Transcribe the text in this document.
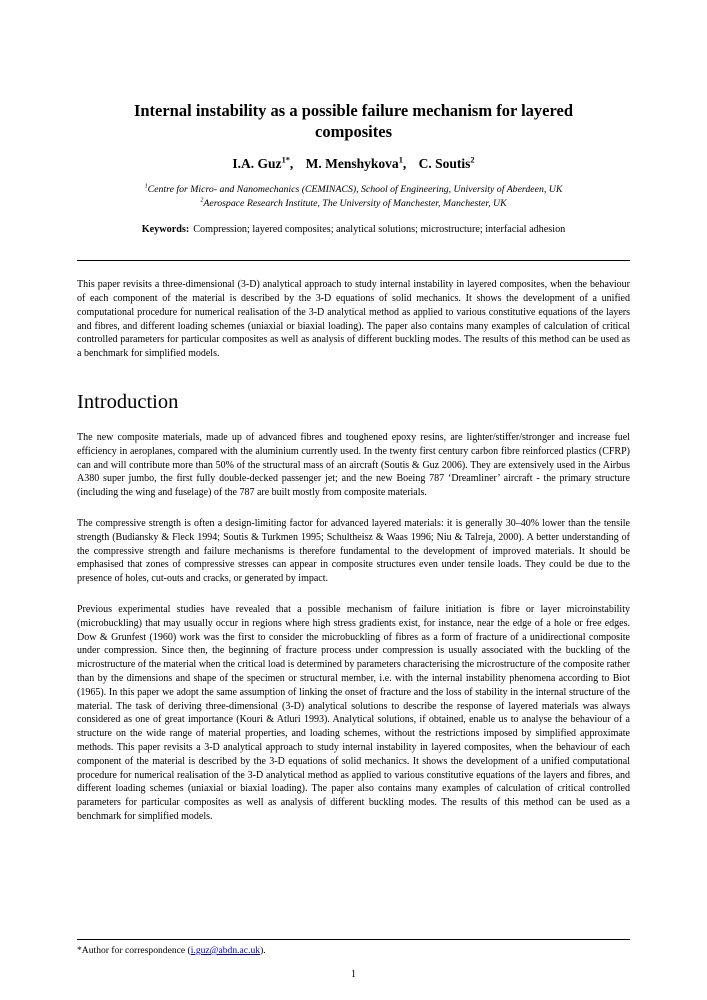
Internal instability as a possible failure mechanism for layered composites
I.A. Guz$^{1*}$, M. Menshykova$^1$, C. Soutis$^2$
$^1$Centre for Micro- and Nanomechanics (CEMINACS), School of Engineering, University of Aberdeen, UK
$^2$Aerospace Research Institute, The University of Manchester, Manchester, UK
Keywords: Compression; layered composites; analytical solutions; microstructure; interfacial adhesion

This paper revisits a three-dimensional (3-D) analytical approach to study internal instability in layered composites, when the behaviour of each component of the material is described by the 3-D equations of solid mechanics. It shows the development of a unified computational procedure for numerical realisation of the 3-D analytical method as applied to various constitutive equations of the layers and fibres, and different loading schemes (uniaxial or biaxial loading). The paper also contains many examples of calculation of critical controlled parameters for particular composites as well as analysis of different buckling modes. The results of this method can be used as a benchmark for simplified models.

Introduction

The new composite materials, made up of advanced fibres and toughened epoxy resins, are lighter/stiffer/stronger and increase fuel efficiency in aeroplanes, compared with the aluminium currently used. In the twenty first century carbon fibre reinforced plastics (CFRP) can and will contribute more than 50% of the structural mass of an aircraft (Soutis & Guz 2006). They are extensively used in the Airbus A380 super jumbo, the first fully double-decked passenger jet; and the new Boeing 787 ‘Dreamliner’ aircraft - the primary structure (including the wing and fuselage) of the 787 are built mostly from composite materials.

The compressive strength is often a design-limiting factor for advanced layered materials: it is generally 30–40% lower than the tensile strength (Budiansky & Fleck 1994; Soutis & Turkmen 1995; Schultheisz & Waas 1996; Niu & Talreja, 2000). A better understanding of the compressive strength and failure mechanisms is therefore fundamental to the development of improved materials. It should be emphasised that zones of compressive stresses can appear in composite structures even under tensile loads. They could be due to the presence of holes, cut-outs and cracks, or generated by impact.

Previous experimental studies have revealed that a possible mechanism of failure initiation is fibre or layer microinstability (microbuckling) that may usually occur in regions where high stress gradients exist, for instance, near the edge of a hole or free edges. Dow & Grunfest (1960) work was the first to consider the microbuckling of fibres as a form of fracture of a unidirectional composite under compression. Since then, the beginning of fracture process under compression is usually associated with the buckling of the microstructure of the material when the critical load is determined by parameters characterising the microstructure of the composite rather than by the dimensions and shape of the specimen or structural member, i.e. with the internal instability phenomena according to Biot (1965). In this paper we adopt the same assumption of linking the onset of fracture and the loss of stability in the internal structure of the material. The task of deriving three-dimensional (3-D) analytical solutions to describe the response of layered materials was always considered as one of great importance (Kouri & Atluri 1993). Analytical solutions, if obtained, enable us to analyse the behaviour of a structure on the wide range of material properties, and loading schemes, without the restrictions imposed by simplified approximate methods. This paper revisits a 3-D analytical approach to study internal instability in layered composites, when the behaviour of each component of the material is described by the 3-D equations of solid mechanics. It shows the development of a unified computational procedure for numerical realisation of the 3-D analytical method as applied to various constitutive equations of the layers and fibres, and different loading schemes (uniaxial or biaxial loading). The paper also contains many examples of calculation of critical controlled parameters for particular composites as well as analysis of different buckling modes. The results of this method can be used as a benchmark for simplified models.

*Author for correspondence (i.guz@abdn.ac.uk).
1
